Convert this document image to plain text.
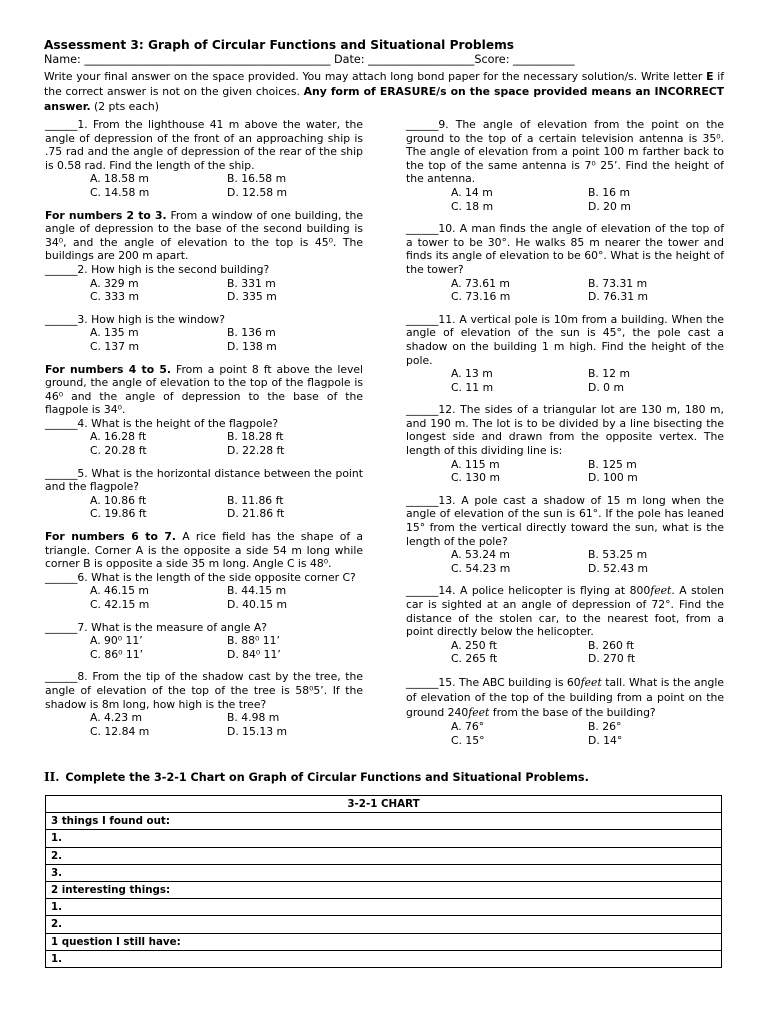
Assessment 3: Graph of Circular Functions and Situational Problems
Name: ____________________________________________ Date: ___________________Score: ___________
Write your final answer on the space provided. You may attach long bond paper for the necessary solution/s. Write letter E if the correct answer is not on the given choices. Any form of ERASURE/s on the space provided means an INCORRECT answer. (2 pts each)

______1. From the lighthouse 41 m above the water, the angle of depression of the front of an approaching ship is .75 rad and the angle of depression of the rear of the ship is 0.58 rad. Find the length of the ship.

A. 18.58 m	B. 16.58 m
C. 14.58 m	D. 12.58 m

For numbers 2 to 3. From a window of one building, the angle of depression to the base of the second building is 34⁰, and the angle of elevation to the top is 45⁰. The buildings are 200 m apart.

______2. How high is the second building?

A. 329 m	B. 331 m
C. 333 m	D. 335 m

______3. How high is the window?

A. 135 m	B. 136 m
C. 137 m	D. 138 m

For numbers 4 to 5. From a point 8 ft above the level ground, the angle of elevation to the top of the flagpole is 46⁰ and the angle of depression to the base of the flagpole is 34⁰.

______4. What is the height of the flagpole?

A. 16.28 ft	B. 18.28 ft
C. 20.28 ft	D. 22.28 ft

______5. What is the horizontal distance between the point and the flagpole?

A. 10.86 ft	B. 11.86 ft
C. 19.86 ft	D. 21.86 ft

For numbers 6 to 7. A rice field has the shape of a triangle. Corner A is the opposite a side 54 m long while corner B is opposite a side 35 m long. Angle C is 48⁰.

______6. What is the length of the side opposite corner C?

A. 46.15 m	B. 44.15 m
C. 42.15 m	D. 40.15 m

______7. What is the measure of angle A?

A. 90⁰ 11’	B. 88⁰ 11’
C. 86⁰ 11’	D. 84⁰ 11’

______8. From the tip of the shadow cast by the tree, the angle of elevation of the top of the tree is 58⁰5’. If the shadow is 8m long, how high is the tree?

A. 4.23 m	B. 4.98 m
C. 12.84 m	D. 15.13 m

______9. The angle of elevation from the point on the ground to the top of a certain television antenna is 35⁰. The angle of elevation from a point 100 m farther back to the top of the same antenna is 7⁰ 25’. Find the height of the antenna.

A. 14 m	B. 16 m
C. 18 m	D. 20 m

______10. A man finds the angle of elevation of the top of a tower to be 30°. He walks 85 m nearer the tower and finds its angle of elevation to be 60°. What is the height of the tower?

A. 73.61 m	B. 73.31 m
C. 73.16 m	D. 76.31 m

______11. A vertical pole is 10m from a building. When the angle of elevation of the sun is 45°, the pole cast a shadow on the building 1 m high. Find the height of the pole.

A. 13 m	B. 12 m
C. 11 m	D. 0 m

______12. The sides of a triangular lot are 130 m, 180 m, and 190 m. The lot is to be divided by a line bisecting the longest side and drawn from the opposite vertex. The length of this dividing line is:

A. 115 m	B. 125 m
C. 130 m	D. 100 m

______13. A pole cast a shadow of 15 m long when the angle of elevation of the sun is 61°. If the pole has leaned 15° from the vertical directly toward the sun, what is the length of the pole?

A. 53.24 m	B. 53.25 m
C. 54.23 m	D. 52.43 m

______14. A police helicopter is flying at 800feet. A stolen car is sighted at an angle of depression of 72°. Find the distance of the stolen car, to the nearest foot, from a point directly below the helicopter.

A. 250 ft	B. 260 ft
C. 265 ft	D. 270 ft

______15. The ABC building is 60feet tall. What is the angle of elevation of the top of the building from a point on the ground 240feet from the base of the building?

A. 76°	B. 26°
C. 15°	D. 14°
II. Complete the 3-2-1 Chart on Graph of Circular Functions and Situational Problems.
3-2-1 CHART
3 things I found out:
1.
2.
3.
2 interesting things:
1.
2.
1 question I still have:
1.
